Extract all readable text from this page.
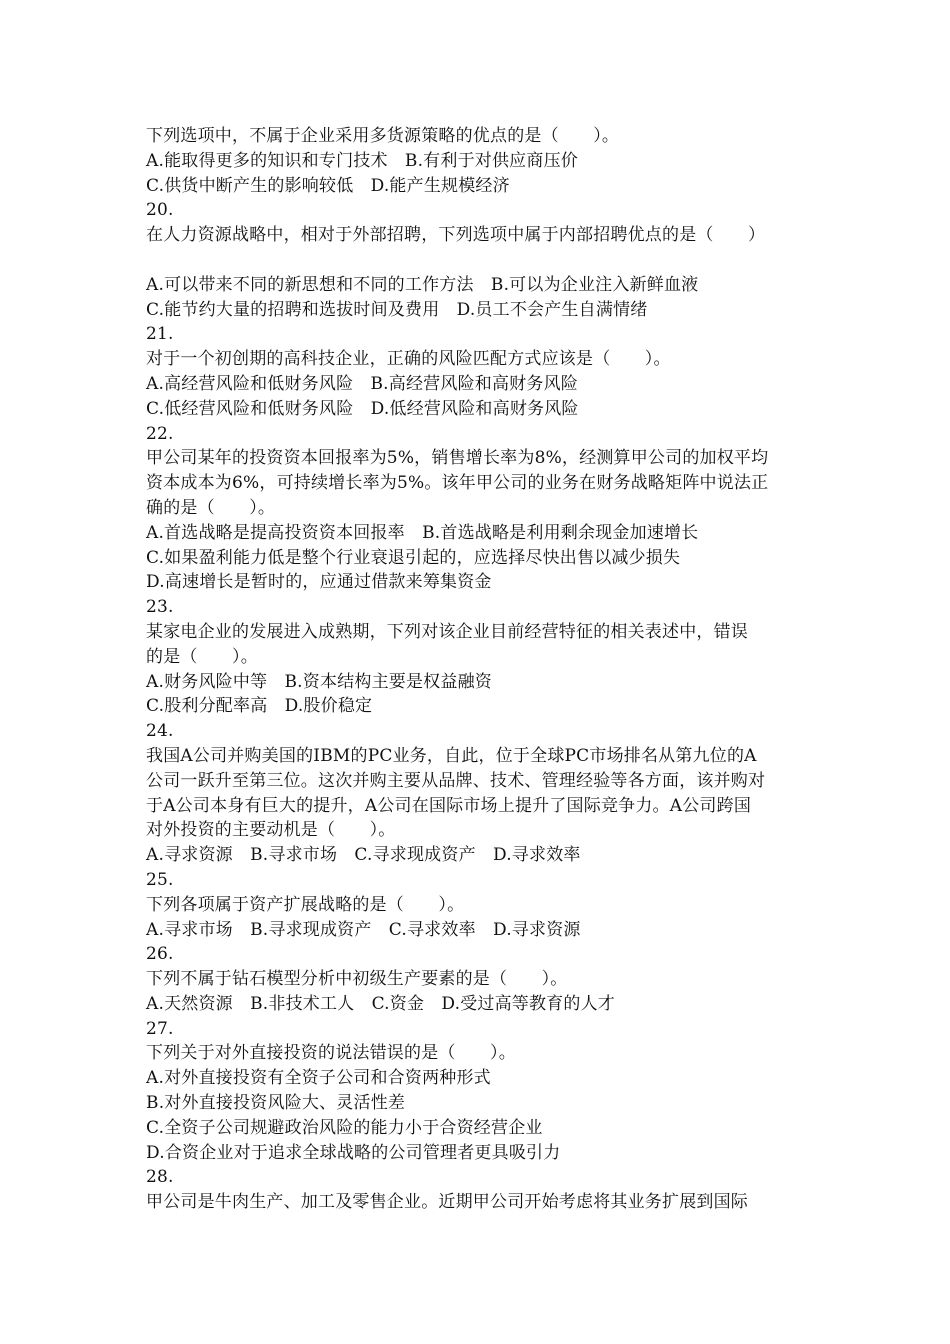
下列选项中，不属于企业采用多货源策略的优点的是（　　）。
A.能取得更多的知识和专门技术　B.有利于对供应商压价
C.供货中断产生的影响较低　D.能产生规模经济
20.
在人力资源战略中，相对于外部招聘，下列选项中属于内部招聘优点的是（　　）
A.可以带来不同的新思想和不同的工作方法　B.可以为企业注入新鲜血液
C.能节约大量的招聘和选拔时间及费用　D.员工不会产生自满情绪
21.
对于一个初创期的高科技企业，正确的风险匹配方式应该是（　　）。
A.高经营风险和低财务风险　B.高经营风险和高财务风险
C.低经营风险和低财务风险　D.低经营风险和高财务风险
22.
甲公司某年的投资资本回报率为5%，销售增长率为8%，经测算甲公司的加权平均
资本成本为6%，可持续增长率为5%。该年甲公司的业务在财务战略矩阵中说法正
确的是（　　）。
A.首选战略是提高投资资本回报率　B.首选战略是利用剩余现金加速增长
C.如果盈利能力低是整个行业衰退引起的，应选择尽快出售以减少损失
D.高速增长是暂时的，应通过借款来筹集资金
23.
某家电企业的发展进入成熟期，下列对该企业目前经营特征的相关表述中，错误
的是（　　）。
A.财务风险中等　B.资本结构主要是权益融资
C.股利分配率高　D.股价稳定
24.
我国A公司并购美国的IBM的PC业务，自此，位于全球PC市场排名从第九位的A
公司一跃升至第三位。这次并购主要从品牌、技术、管理经验等各方面，该并购对
于A公司本身有巨大的提升，A公司在国际市场上提升了国际竞争力。A公司跨国
对外投资的主要动机是（　　）。
A.寻求资源　B.寻求市场　C.寻求现成资产　D.寻求效率
25.
下列各项属于资产扩展战略的是（　　）。
A.寻求市场　B.寻求现成资产　C.寻求效率　D.寻求资源
26.
下列不属于钻石模型分析中初级生产要素的是（　　）。
A.天然资源　B.非技术工人　C.资金　D.受过高等教育的人才
27.
下列关于对外直接投资的说法错误的是（　　）。
A.对外直接投资有全资子公司和合资两种形式
B.对外直接投资风险大、灵活性差
C.全资子公司规避政治风险的能力小于合资经营企业
D.合资企业对于追求全球战略的公司管理者更具吸引力
28.
甲公司是牛肉生产、加工及零售企业。近期甲公司开始考虑将其业务扩展到国际
